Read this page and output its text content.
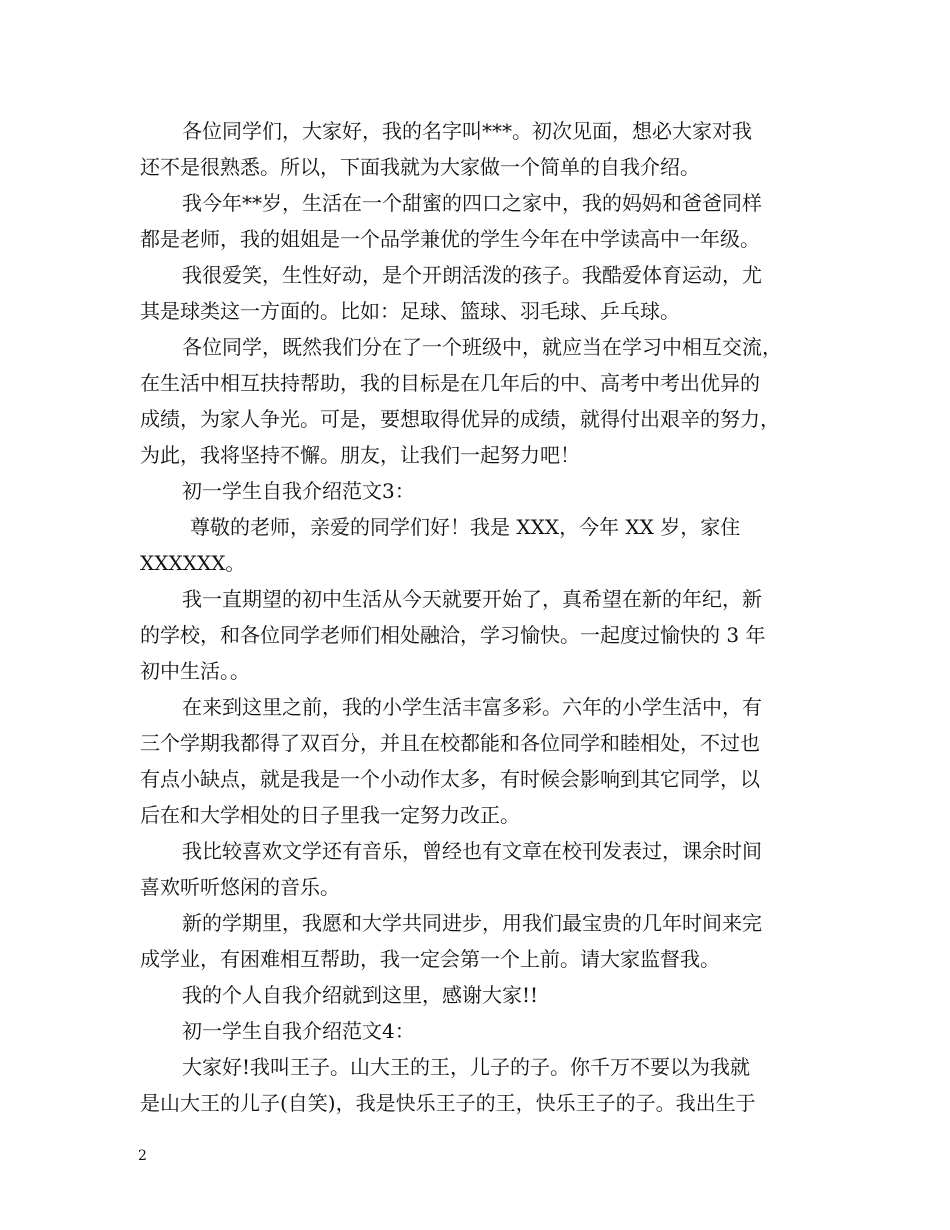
各位同学们，大家好，我的名字叫***。初次见面，想必大家对我
还不是很熟悉。所以，下面我就为大家做一个简单的自我介绍。
我今年**岁，生活在一个甜蜜的四口之家中，我的妈妈和爸爸同样
都是老师，我的姐姐是一个品学兼优的学生今年在中学读高中一年级。
我很爱笑，生性好动，是个开朗活泼的孩子。我酷爱体育运动，尤
其是球类这一方面的。比如：足球、篮球、羽毛球、乒乓球。
各位同学，既然我们分在了一个班级中，就应当在学习中相互交流，
在生活中相互扶持帮助，我的目标是在几年后的中、高考中考出优异的
成绩，为家人争光。可是，要想取得优异的成绩，就得付出艰辛的努力，
为此，我将坚持不懈。朋友，让我们一起努力吧！
初一学生自我介绍范文3：
尊敬的老师，亲爱的同学们好！我是 XXX，今年 XX 岁，家住
XXXXXX。
我一直期望的初中生活从今天就要开始了，真希望在新的年纪，新
的学校，和各位同学老师们相处融洽，学习愉快。一起度过愉快的 3 年
初中生活。。
在来到这里之前，我的小学生活丰富多彩。六年的小学生活中，有
三个学期我都得了双百分，并且在校都能和各位同学和睦相处，不过也
有点小缺点，就是我是一个小动作太多，有时候会影响到其它同学，以
后在和大学相处的日子里我一定努力改正。
我比较喜欢文学还有音乐，曾经也有文章在校刊发表过，课余时间
喜欢听听悠闲的音乐。
新的学期里，我愿和大学共同进步，用我们最宝贵的几年时间来完
成学业，有困难相互帮助，我一定会第一个上前。请大家监督我。
我的个人自我介绍就到这里，感谢大家!!
初一学生自我介绍范文4：
大家好!我叫王子。山大王的王，儿子的子。你千万不要以为我就
是山大王的儿子(自笑)，我是快乐王子的王，快乐王子的子。我出生于
2
